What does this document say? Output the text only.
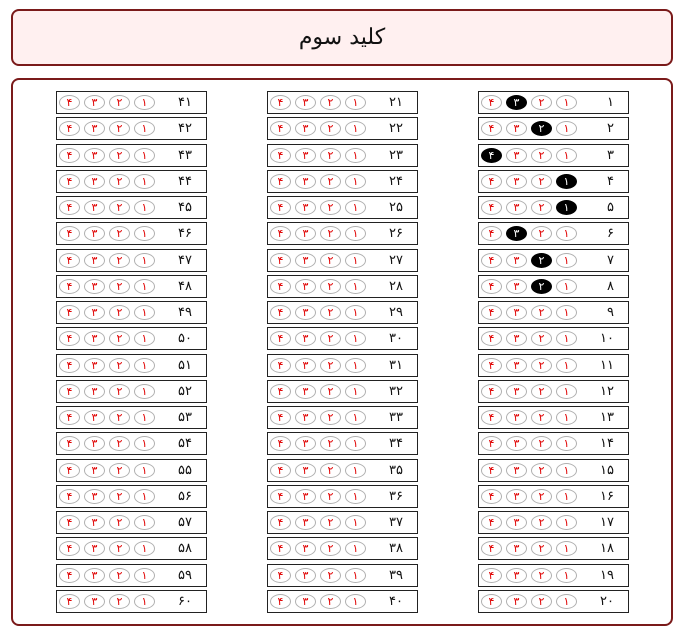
کلید سوم
۱
۱
۲
۳
۴
۲
۱
۲
۳
۴
۳
۱
۲
۳
۴
۴
۱
۲
۳
۴
۵
۱
۲
۳
۴
۶
۱
۲
۳
۴
۷
۱
۲
۳
۴
۸
۱
۲
۳
۴
۹
۱
۲
۳
۴
۱۰
۱
۲
۳
۴
۱۱
۱
۲
۳
۴
۱۲
۱
۲
۳
۴
۱۳
۱
۲
۳
۴
۱۴
۱
۲
۳
۴
۱۵
۱
۲
۳
۴
۱۶
۱
۲
۳
۴
۱۷
۱
۲
۳
۴
۱۸
۱
۲
۳
۴
۱۹
۱
۲
۳
۴
۲۰
۱
۲
۳
۴
۲۱
۱
۲
۳
۴
۲۲
۱
۲
۳
۴
۲۳
۱
۲
۳
۴
۲۴
۱
۲
۳
۴
۲۵
۱
۲
۳
۴
۲۶
۱
۲
۳
۴
۲۷
۱
۲
۳
۴
۲۸
۱
۲
۳
۴
۲۹
۱
۲
۳
۴
۳۰
۱
۲
۳
۴
۳۱
۱
۲
۳
۴
۳۲
۱
۲
۳
۴
۳۳
۱
۲
۳
۴
۳۴
۱
۲
۳
۴
۳۵
۱
۲
۳
۴
۳۶
۱
۲
۳
۴
۳۷
۱
۲
۳
۴
۳۸
۱
۲
۳
۴
۳۹
۱
۲
۳
۴
۴۰
۱
۲
۳
۴
۴۱
۱
۲
۳
۴
۴۲
۱
۲
۳
۴
۴۳
۱
۲
۳
۴
۴۴
۱
۲
۳
۴
۴۵
۱
۲
۳
۴
۴۶
۱
۲
۳
۴
۴۷
۱
۲
۳
۴
۴۸
۱
۲
۳
۴
۴۹
۱
۲
۳
۴
۵۰
۱
۲
۳
۴
۵۱
۱
۲
۳
۴
۵۲
۱
۲
۳
۴
۵۳
۱
۲
۳
۴
۵۴
۱
۲
۳
۴
۵۵
۱
۲
۳
۴
۵۶
۱
۲
۳
۴
۵۷
۱
۲
۳
۴
۵۸
۱
۲
۳
۴
۵۹
۱
۲
۳
۴
۶۰
۱
۲
۳
۴
